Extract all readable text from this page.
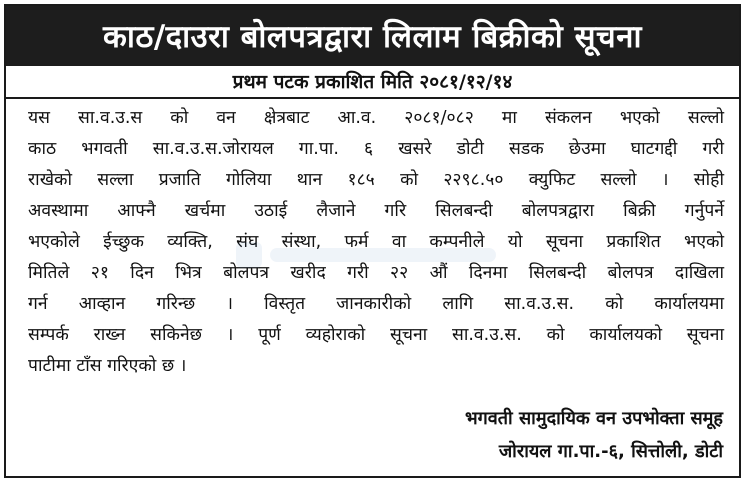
काठ/दाउरा बोलपत्रद्वारा लिलाम बिक्रीको सूचना
प्रथम पटक प्रकाशित मिति २०८१/१२/१४
यस सा.व.उ.स को वन क्षेत्रबाट आ.व. २०८१/०८२ मा संकलन भएको सल्लो
काठ भगवती सा.व.उ.स.जोरायल गा.पा. ६ खसरे डोटी सडक छेउमा घाटगद्दी गरी
राखेको सल्ला प्रजाति गोलिया थान १८५ को २२९८.५० क्युफिट सल्लो । सोही
अवस्थामा आफ्नै खर्चमा उठाई लैजाने गरि सिलबन्दी बोलपत्रद्वारा बिक्री गर्नुपर्ने
भएकोले ईच्छुक व्यक्ति, संघ संस्था, फर्म वा कम्पनीले यो सूचना प्रकाशित भएको
मितिले २१ दिन भित्र बोलपत्र खरीद गरी २२ औं दिनमा सिलबन्दी बोलपत्र दाखिला
गर्न आव्हान गरिन्छ । विस्तृत जानकारीको लागि सा.व.उ.स. को कार्यालयमा
सम्पर्क राख्न सकिनेछ । पूर्ण व्यहोराको सूचना सा.व.उ.स. को कार्यालयको सूचना
पाटीमा टाँस गरिएको छ ।
भगवती सामुदायिक वन उपभोक्ता समूह
जोरायल गा.पा.-६, सित्तोली, डोटी
